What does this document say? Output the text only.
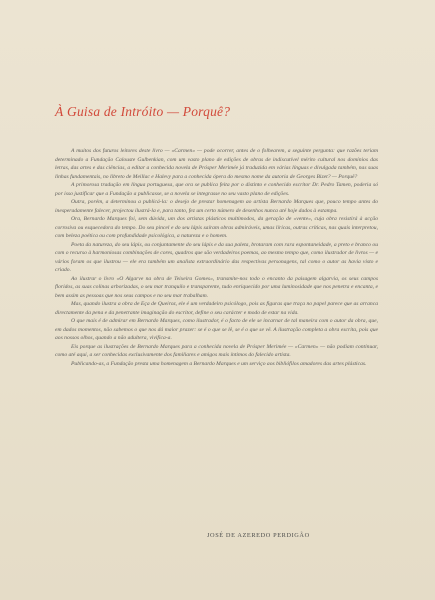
À Guisa de Intróito — Porquê?

A muitos dos futuros leitores deste livro — «Carmen» — pode ocorrer, antes de o folhearem, a seguinte pergunta: que razões teriam determinado a Fundação Calouste Gulbenkian, com um vasto plano de edições de obras de indiscutível mérito cultural nos domínios das letras, das artes e das ciências, a editar a conhecida novela de Prósper Merimée já traduzida em várias línguas e divulgada também, nas suas linhas fundamentais, no libreto de Meillac e Halevy para a conhecida ópera do mesmo nome da autoria de Georges Bizet? — Porquê?

A primorosa tradução em língua portuguesa, que ora se publica feita por o distinto e conhecido escritor Dr. Pedro Tamen, poderia só por isso justificar que a Fundação a publicasse, se a novela se integrasse no seu vasto plano de edições.

Outra, porém, a determinou a publicá-la: o desejo de prestar homenagem ao artista Bernardo Marques que, pouco tempo antes do inesperadamente falecer, projectou ilustrá-la e, para tanto, fez um certo número de desenhos nunca até hoje dados à estampa.

Ora, Bernardo Marques foi, sem dúvida, um dos artistas plásticos multimodos, da geração de «vente», cuja obra resistirá à acção corrosiva ou esquecedora do tempo. Do seu pincel e do seu lápis saíram obras admiráveis, umas líricas, outras críticas, nas quais interpretou, com beleza poética ou com profundidade psicológica, a natureza e o homem.

Poeta da natureza, do seu lápis, ou conjuntamente do seu lápis e da sua paleta, brotaram com rara espontaneidade, a preto e branco ou com o recurso à harmoniosas combinações de cores, quadros que são verdadeiros poemas, ao mesmo tempo que, como ilustrador de livros — e vários foram os que ilustrou — ele era também um analista extraordinário das respectivas personagens, tal como o autor as havia visto e criado.

Ao ilustrar o livro «O Algarve na obra de Teixeira Gomes», transmite-nos todo o encanto da paisagem algarvia, os seus campos floridos, as suas colinas arborizadas, o seu mar tranquilo e transparente, tudo enriquecido por uma luminosidade que nos penetra e encanta, e bem assim as pessoas que nos seus campos e no seu mar trabalham.

Mas, quando ilustra a obra de Eça de Queiroz, ele é um verdadeiro psicólogo, pois as figuras que traça no papel parece que as arranca directamente da pena e da penetrante imaginação do escritor, define o seu carácter e modo de estar na vida.

O que mais é de admirar em Bernardo Marques, como ilustrador, é o facto de ele se incarnar de tal maneira com o autor da obra, que, em dados momentos, não sabemos o que nos dá maior prazer: se é o que se lê, se é o que se vê. A ilustração completa a obra escrita, pois que aos nossos olhos, quando a não adultera, vivifica-a.

Eis porque as ilustrações de Bernardo Marques para a conhecida novela de Prósper Merimée — «Carmen» — não podiam continuar, como até aqui, a ser conhecidas exclusivamente dos familiares e amigos mais íntimos do falecido artista.

Publicando-as, a Fundação presta uma homenagem a Bernardo Marques e um serviço aos bibliófilos amadores das artes plásticas.

JOSÉ DE AZEREDO PERDIGÃO
